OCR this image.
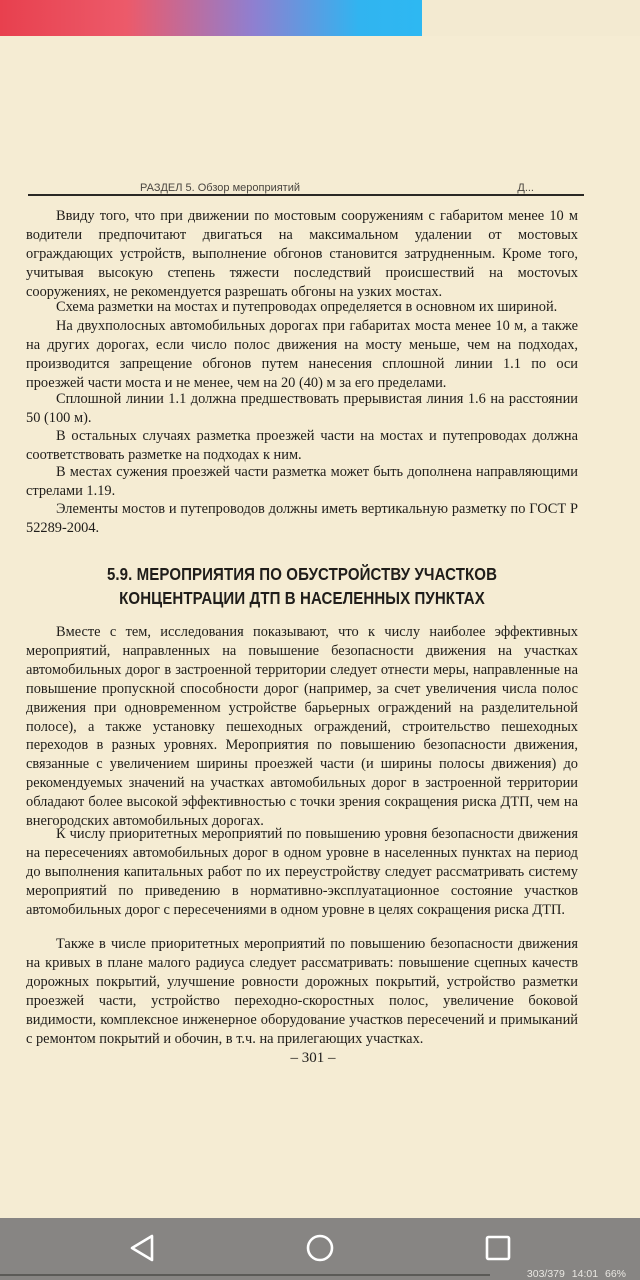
РАЗДЕЛ 5. Обзор мероприятий	Д...

Ввиду того, что при движении по мостовым сооружениям с габаритом менее 10 м водители предпочитают двигаться на максимальном удалении от мостовых ограждающих устройств, выполнение обгонов становится затрудненным. Кроме того, учитывая высокую степень тяжести последствий происшествий на мостоvых сооружениях, не рекомендуется разрешать обгоны на узких мостах.

Схема разметки на мостах и путепроводах определяется в основном их шириной.

На двухполосных автомобильных дорогах при габаритах моста менее 10 м, а также на других дорогах, если число полос движения на мосту меньше, чем на подходах, производится запрещение обгонов путем нанесения сплошной линии 1.1 по оси проезжей части моста и не менее, чем на 20 (40) м за его пределами.

Сплошной линии 1.1 должна предшествовать прерывистая линия 1.6 на расстоянии 50 (100 м).

В остальных случаях разметка проезжей части на мостах и путепроводах должна соответствовать разметке на подходах к ним.

В местах сужения проезжей части разметка может быть дополнена направляющими стрелами 1.19.

Элементы мостов и путепроводов должны иметь вертикальную разметку по ГОСТ Р 52289-2004.

5.9. МЕРОПРИЯТИЯ ПО ОБУСТРОЙСТВУ УЧАСТКОВ
КОНЦЕНТРАЦИИ ДТП В НАСЕЛЕННЫХ ПУНКТАХ

Вместе с тем, исследования показывают, что к числу наиболее эффективных мероприятий, направленных на повышение безопасности движения на участках автомобильных дорог в застроенной территории следует отнести меры, направленные на повышение пропускной способности дорог (например, за счет увеличения числа полос движения при одновременном устройстве барьерных ограждений на разделительной полосе), а также установку пешеходных ограждений, строительство пешеходных переходов в разных уровнях. Мероприятия по повышению безопасности движения, связанные с увеличением ширины проезжей части (и ширины полосы движения) до рекомендуемых значений на участках автомобильных дорог в застроенной территории обладают более высокой эффективностью с точки зрения сокращения риска ДТП, чем на внегородских автомобильных дорогах.

К числу приоритетных мероприятий по повышению уровня безопасности движения на пересечениях автомобильных дорог в одном уровне в населенных пунктах на период до выполнения капитальных работ по их переустройству следует рассматривать систему мероприятий по приведению в нормативно-эксплуатационное состояние участков автомобильных дорог с пересечениями в одном уровне в целях сокращения риска ДТП.

Также в числе приоритетных мероприятий по повышению безопасности движения на кривых в плане малого радиуса следует рассматривать: повышение сцепных качеств дорожных покрытий, улучшение ровности дорожных покрытий, устройство разметки проезжей части, устройство переходно-скоростных полос, увеличение боковой видимости, комплексное инженерное оборудование участков пересечений и примыканий с ремонтом покрытий и обочин, в т.ч. на прилегающих участках.

– 301 –
303/379 14:01 66%
